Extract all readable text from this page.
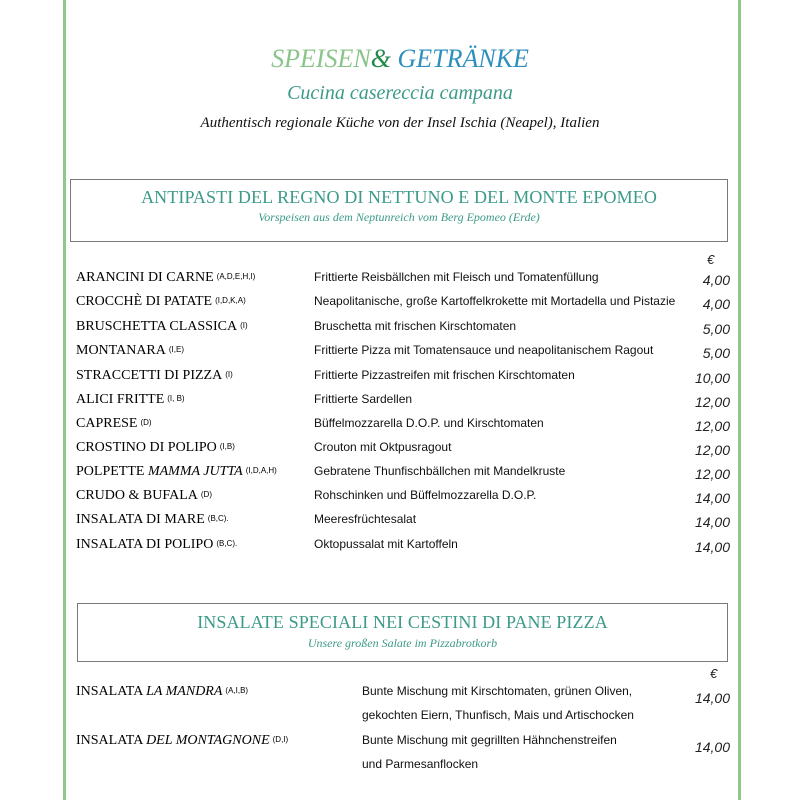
SPEISEN& GETRÄNKE
Cucina casereccia campana
Authentisch regionale Küche von der Insel Ischia (Neapel), Italien
ANTIPASTI DEL REGNO DI NETTUNO E DEL MONTE EPOMEO
Vorspeisen aus dem Neptunreich vom Berg Epomeo (Erde)
€
ARANCINI DI CARNE (A,D,E,H,I)	Frittierte Reisbällchen mit Fleisch und Tomatenfüllung	4,00
CROCCHÈ DI PATATE (I,D,K,A)	Neapolitanische, große Kartoffelkrokette mit Mortadella und Pistazie 4,00
BRUSCHETTA CLASSICA (I)	Bruschetta mit frischen Kirschtomaten	5,00
MONTANARA (I,E)	Frittierte Pizza mit Tomatensauce und neapolitanischem Ragout	5,00
STRACCETTI DI PIZZA (I)	Frittierte Pizzastreifen mit frischen Kirschtomaten	10,00
ALICI FRITTE (I, B)	Frittierte Sardellen	12,00
CAPRESE (D)	Büffelmozzarella D.O.P. und Kirschtomaten	12,00
CROSTINO DI POLIPO (I,B)	Crouton mit Oktpusragout	12,00
POLPETTE MAMMA JUTTA (I,D,A,H)	Gebratene Thunfischbällchen mit Mandelkruste	12,00
CRUDO & BUFALA (D)	Rohschinken und Büffelmozzarella D.O.P.	14,00
INSALATA DI MARE (B,C).	Meeresfrüchtesalat	14,00
INSALATA DI POLIPO (B,C).	Oktopussalat mit Kartoffeln	14,00
INSALATE SPECIALI NEI CESTINI DI PANE PIZZA
Unsere großen Salate im Pizzabrotkorb
€
INSALATA LA MANDRA (A,I,B)	Bunte Mischung mit Kirschtomaten, grünen Oliven,
gekochten Eiern, Thunfisch, Mais und Artischocken
14,00
INSALATA DEL MONTAGNONE (D,I)	Bunte Mischung mit gegrillten Hähnchenstreifen
und Parmesanflocken
14,00
